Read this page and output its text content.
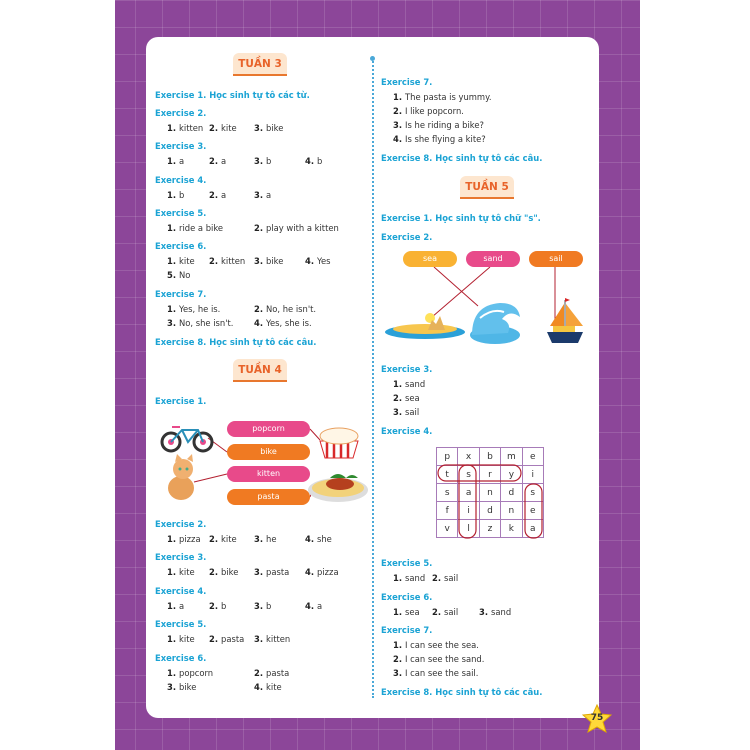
TUẦN 3
TUẦN 4
TUẦN 5
Exercise 1. Học sinh tự tô các từ.
Exercise 2.
1. kitten 2. kite 3. bike
Exercise 3.
1. a	2. a	3. b	4. b
Exercise 4.
1. b	2. a	3. a
Exercise 5.
1. ride a bike	2. play with a kitten
Exercise 6.
1. kite 2. kitten 3. bike	4. Yes
5. No
Exercise 7.
1. Yes, he is.	2. No, he isn't.
3. No, she isn't. 4. Yes, she is.
Exercise 8. Học sinh tự tô các câu.
Exercise 1.
Exercise 2.
1. pizza 2. kite 3. he	4. she
Exercise 3.
1. kite 2. bike 3. pasta 4. pizza
Exercise 4.
1. a	2. b	3. b	4. a
Exercise 5.
1. kite 2. pasta 3. kitten
Exercise 6.
1. popcorn	2. pasta
3. bike	4. kite
Exercise 7.
1. The pasta is yummy.
2. I like popcorn.
3. Is he riding a bike?
4. Is she flying a kite?
Exercise 8. Học sinh tự tô các câu.
Exercise 1. Học sinh tự tô chữ "s".
Exercise 2.
Exercise 3.
1. sand
2. sea
3. sail
Exercise 4.
Exercise 5.
1. sand 2. sail
Exercise 6.
1. sea 2. sail 3. sand
Exercise 7.
1. I can see the sea.
2. I can see the sand.
3. I can see the sail.
Exercise 8. Học sinh tự tô các câu.
popcorn
bike
kitten
pasta
sea	sand	sail
p	x	b	m	e
t	s	r	y	i
s	a	n	d	s
f	i	d	n	e
v	l	z	k	a
75
